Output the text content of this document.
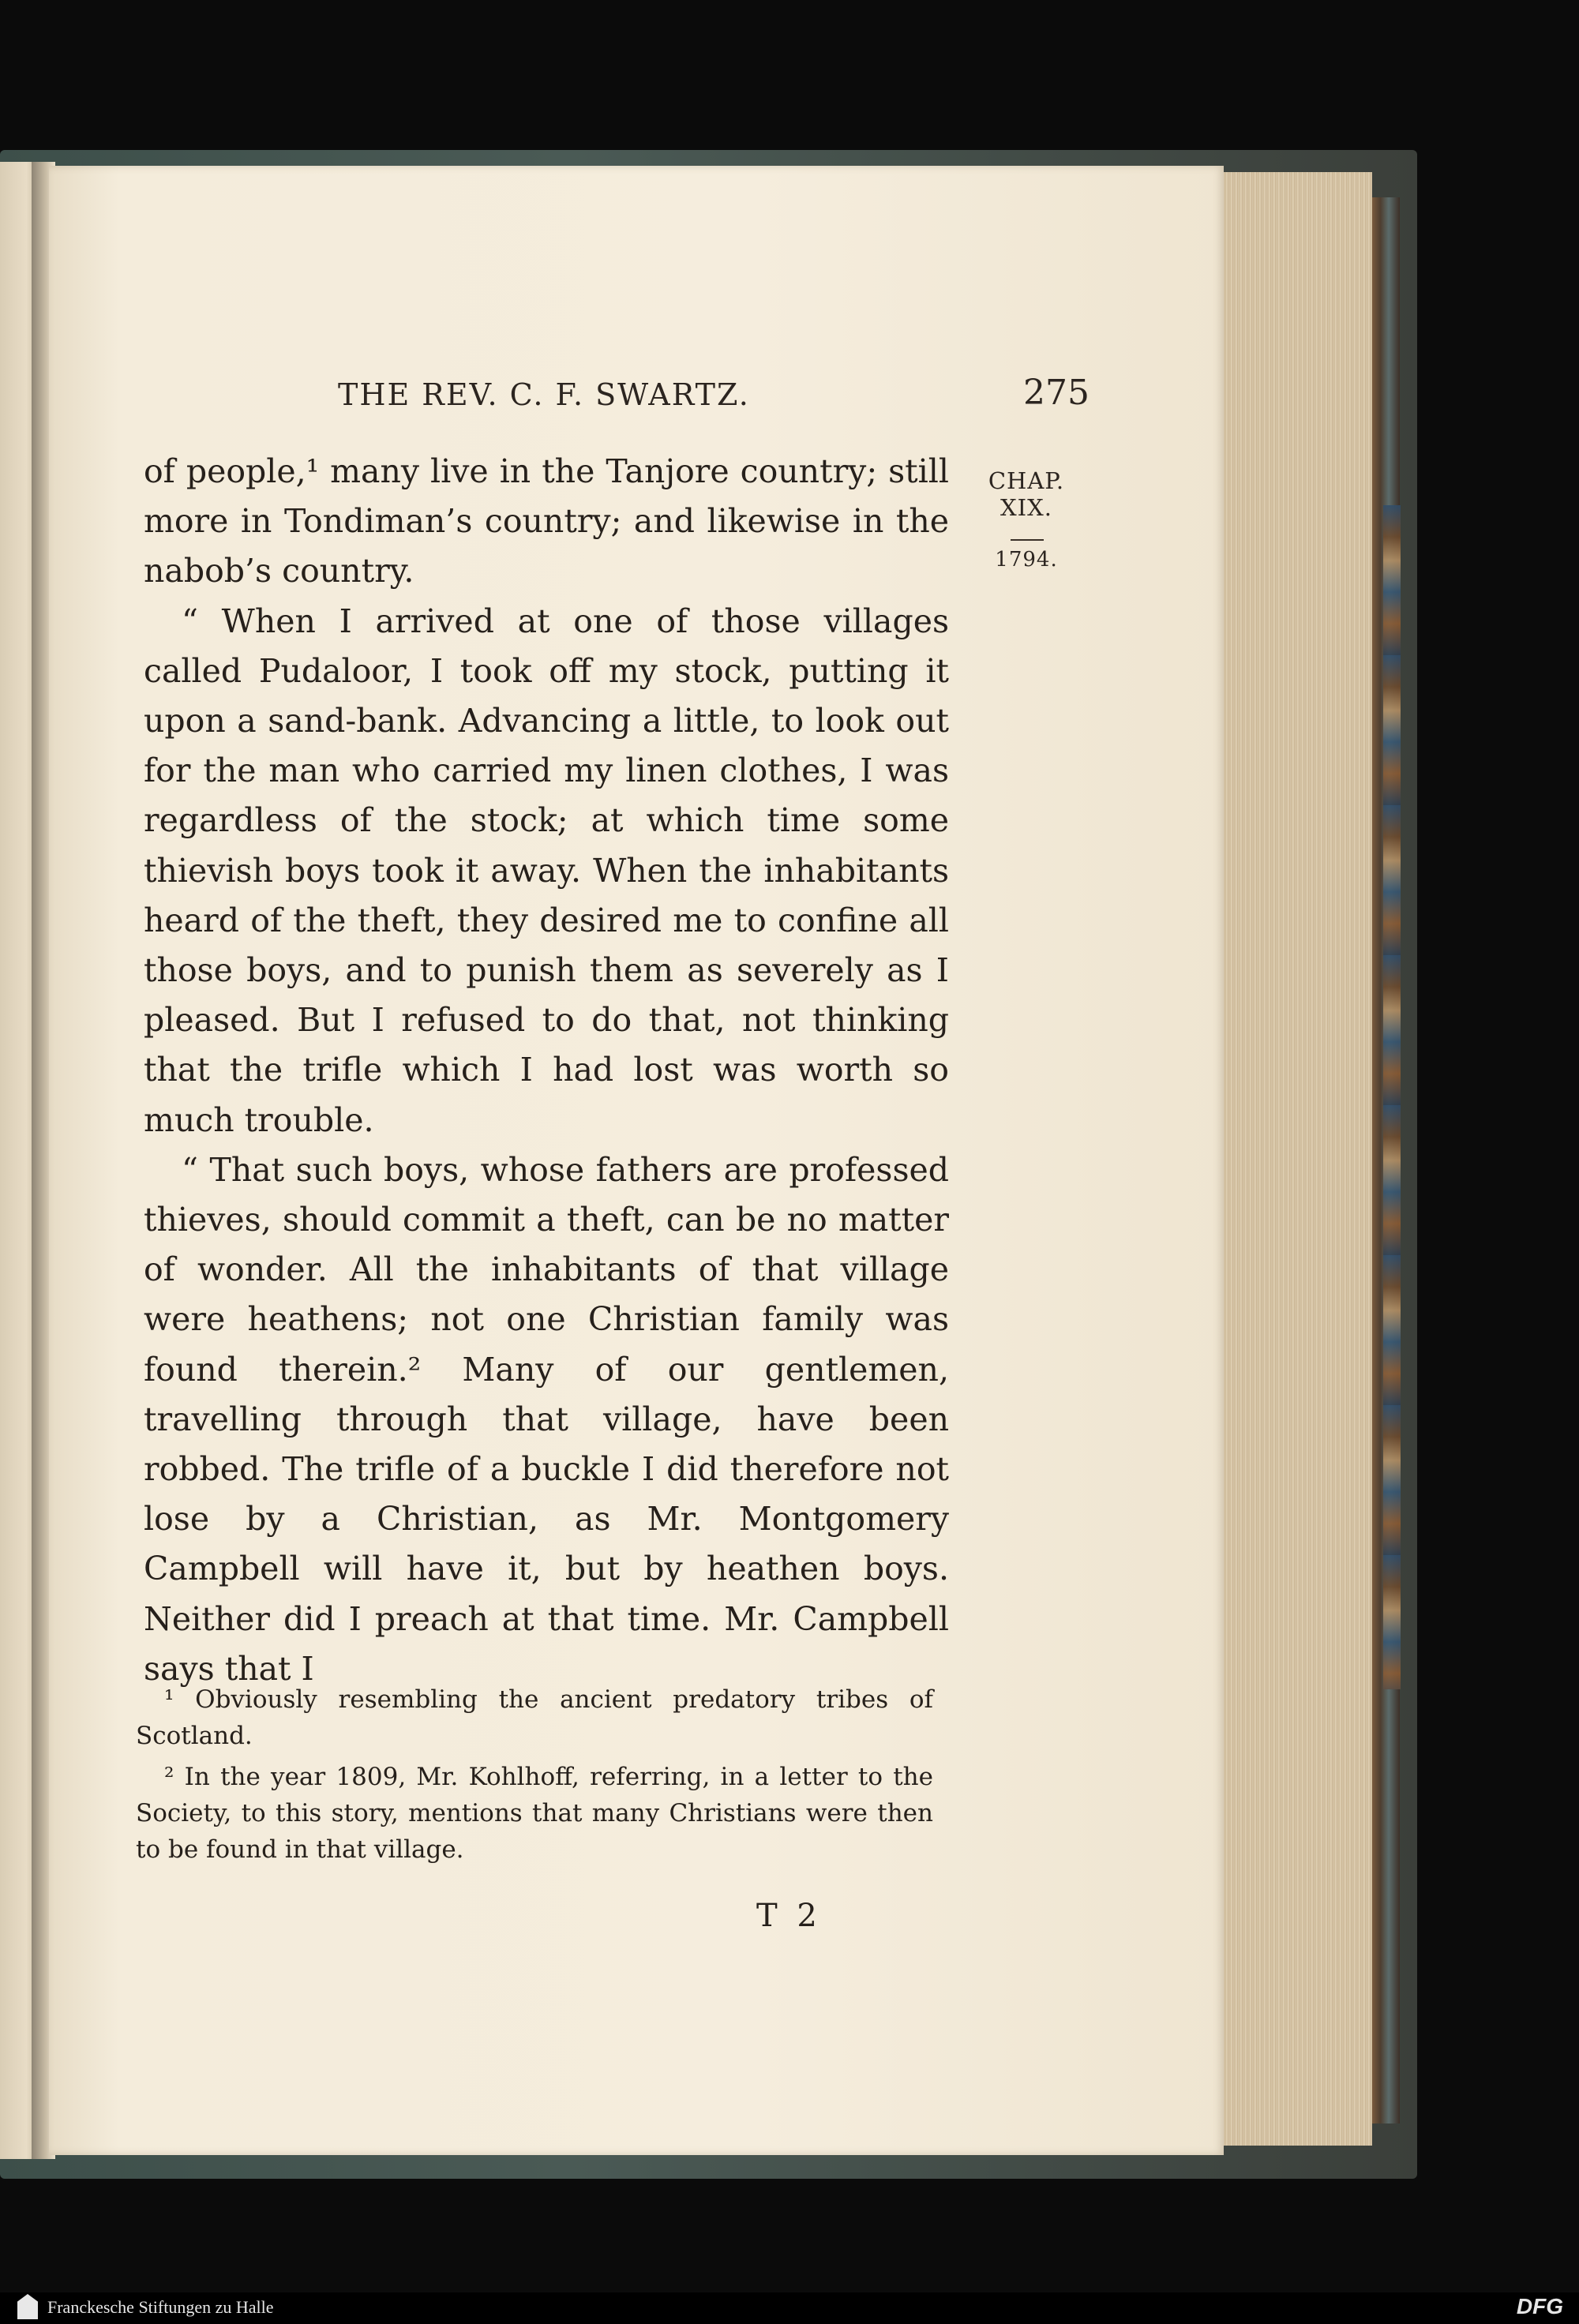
THE REV. C. F. SWARTZ.	275
CHAP.
XIX.
1794.

of people,¹ many live in the Tanjore country; still more in Tondiman’s country; and likewise in the nabob’s country.

“ When I arrived at one of those villages called Pudaloor, I took off my stock, putting it upon a sand-bank. Advancing a little, to look out for the man who carried my linen clothes, I was regardless of the stock; at which time some thievish boys took it away. When the inhabitants heard of the theft, they desired me to confine all those boys, and to punish them as severely as I pleased. But I refused to do that, not thinking that the trifle which I had lost was worth so much trouble.

“ That such boys, whose fathers are professed thieves, should commit a theft, can be no matter of wonder. All the inhabitants of that village were heathens; not one Christian family was found therein.² Many of our gentlemen, travelling through that village, have been robbed. The trifle of a buckle I did therefore not lose by a Christian, as Mr. Montgomery Campbell will have it, but by heathen boys. Neither did I preach at that time. Mr. Campbell says that I

¹ Obviously resembling the ancient predatory tribes of Scotland.

² In the year 1809, Mr. Kohlhoff, referring, in a letter to the Society, to this story, mentions that many Christians were then to be found in that village.

T 2
Franckesche Stiftungen zu Halle	DFG
